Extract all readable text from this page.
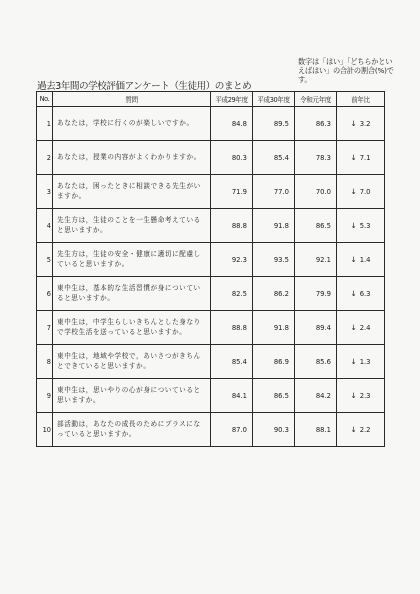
数字は「はい」「どちらかといえばはい」の合計の割合(%)です。
過去3年間の学校評価アンケート（生徒用）のまとめ
No.	質問	平成29年度	平成30年度	令和元年度	前年比
1	あなたは，学校に行くのが楽しいですか。	84.8	89.5	86.3	↓ 3.2
2	あなたは，授業の内容がよくわかりますか。	80.3	85.4	78.3	↓ 7.1
3	あなたは，困ったときに相談できる先生がいますか。	71.9	77.0	70.0	↓ 7.0
4	先生方は，生徒のことを一生懸命考えていると思いますか。	88.8	91.8	86.5	↓ 5.3
5	先生方は，生徒の安全・健康に適切に配慮していると思いますか。	92.3	93.5	92.1	↓ 1.4
6	東中生は，基本的な生活習慣が身についていると思いますか。	82.5	86.2	79.9	↓ 6.3
7	東中生は，中学生らしいきちんとした身なりで学校生活を送っていると思いますか。	88.8	91.8	89.4	↓ 2.4
8	東中生は，地域や学校で，あいさつがきちんとできていると思いますか。	85.4	86.9	85.6	↓ 1.3
9	東中生は，思いやりの心が身についていると思いますか。	84.1	86.5	84.2	↓ 2.3
10	部活動は，あなたの成長のためにプラスになっていると思いますか。	87.0	90.3	88.1	↓ 2.2
